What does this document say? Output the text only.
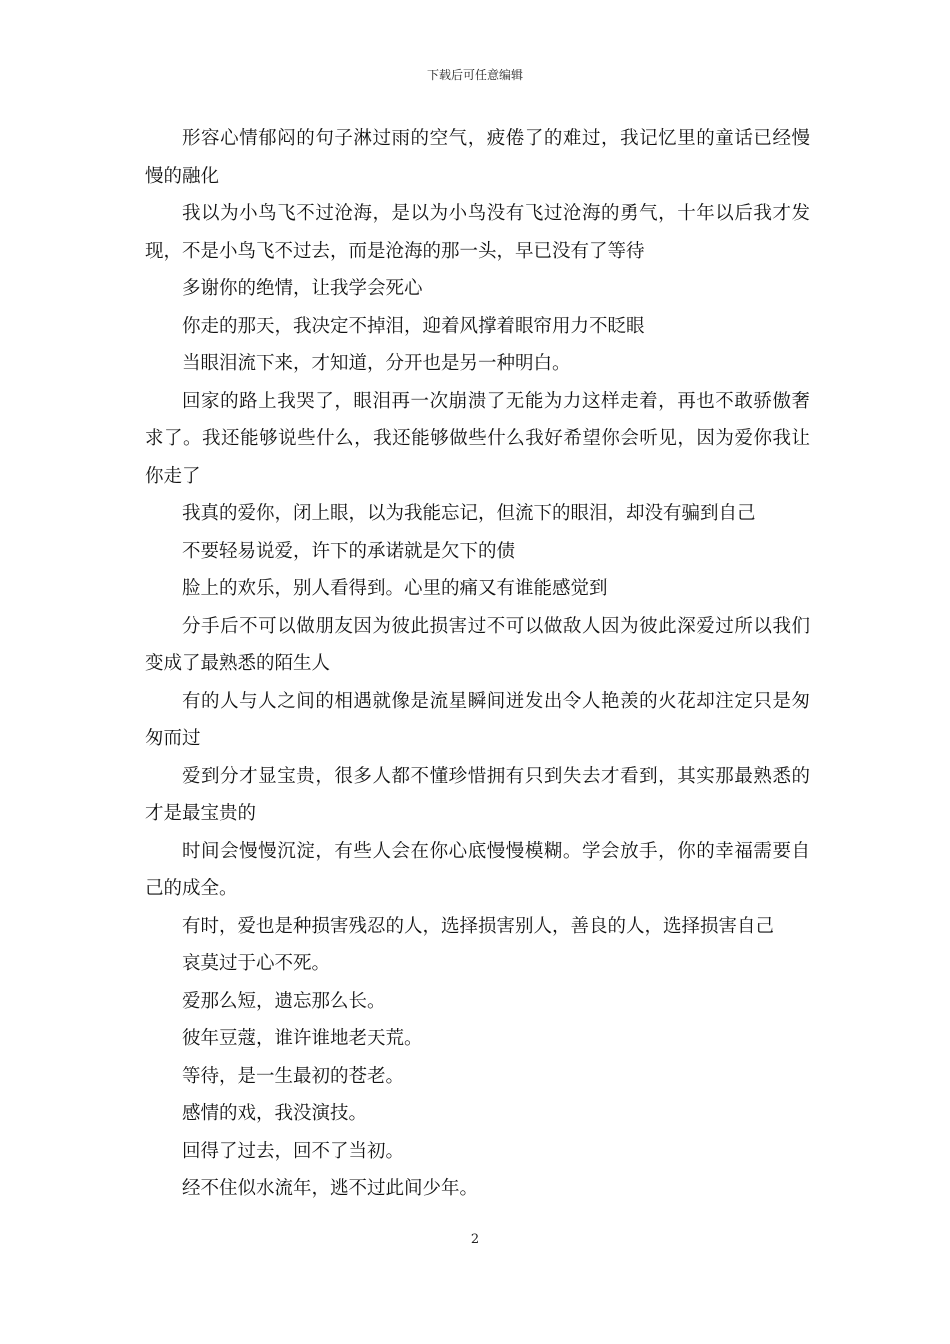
下载后可任意编辑

形容心情郁闷的句子淋过雨的空气，疲倦了的难过，我记忆里的童话已经慢慢的融化

我以为小鸟飞不过沧海，是以为小鸟没有飞过沧海的勇气，十年以后我才发现，不是小鸟飞不过去，而是沧海的那一头，早已没有了等待

多谢你的绝情，让我学会死心

你走的那天，我决定不掉泪，迎着风撑着眼帘用力不眨眼

当眼泪流下来，才知道，分开也是另一种明白。

回家的路上我哭了，眼泪再一次崩溃了无能为力这样走着，再也不敢骄傲奢求了。我还能够说些什么，我还能够做些什么我好希望你会听见，因为爱你我让你走了

我真的爱你，闭上眼，以为我能忘记，但流下的眼泪，却没有骗到自己

不要轻易说爱，许下的承诺就是欠下的债

脸上的欢乐，别人看得到。心里的痛又有谁能感觉到

分手后不可以做朋友因为彼此损害过不可以做敌人因为彼此深爱过所以我们变成了最熟悉的陌生人

有的人与人之间的相遇就像是流星瞬间迸发出令人艳羡的火花却注定只是匆匆而过

爱到分才显宝贵，很多人都不懂珍惜拥有只到失去才看到，其实那最熟悉的才是最宝贵的

时间会慢慢沉淀，有些人会在你心底慢慢模糊。学会放手，你的幸福需要自己的成全。

有时，爱也是种损害残忍的人，选择损害别人，善良的人，选择损害自己

哀莫过于心不死。

爱那么短，遗忘那么长。

彼年豆蔻，谁许谁地老天荒。

等待，是一生最初的苍老。

感情的戏，我没演技。

回得了过去，回不了当初。

经不住似水流年，逃不过此间少年。

2
